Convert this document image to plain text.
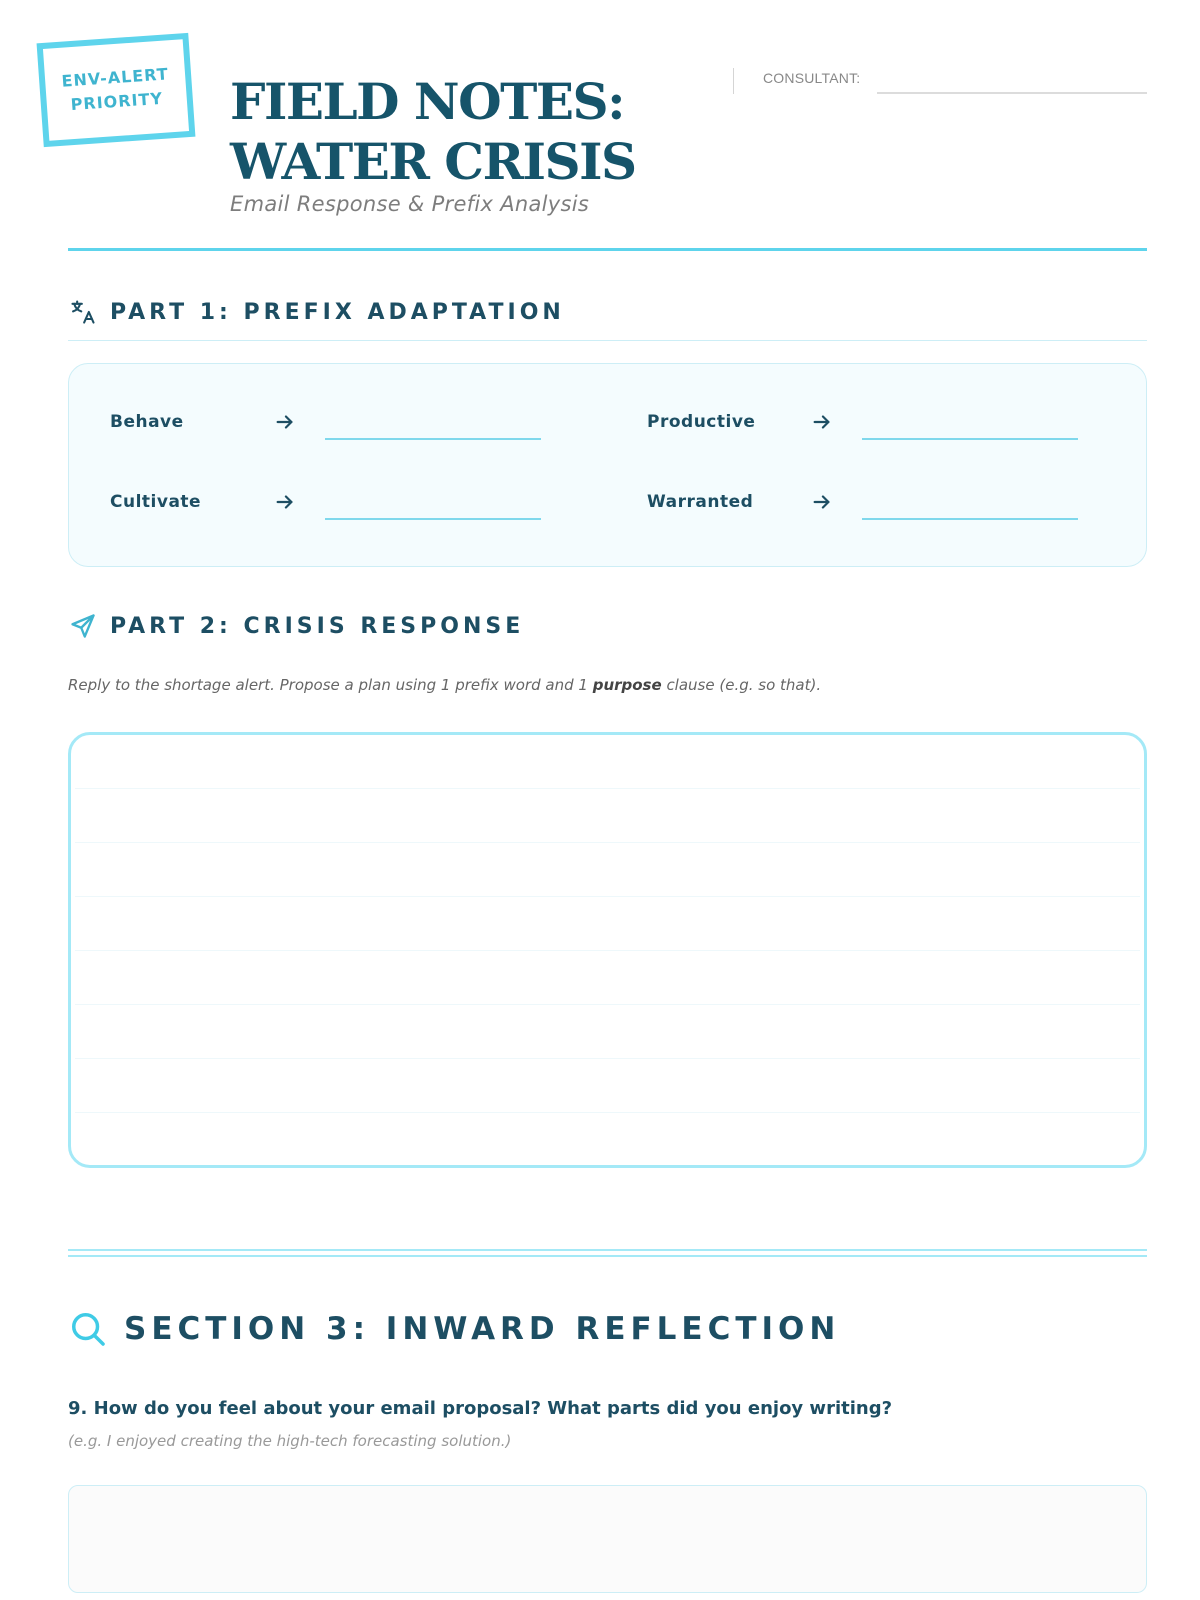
ENV-ALERT
PRIORITY FIELD NOTES:
WATER CRISIS
Email Response & Prefix Analysis
CONSULTANT:
PART 1: PREFIX ADAPTATION
Behave	Productive
Cultivate	Warranted
PART 2: CRISIS RESPONSE
Reply to the shortage alert. Propose a plan using 1 prefix word and 1 purpose clause (e.g. so that).
SECTION 3: INWARD REFLECTION
9. How do you feel about your email proposal? What parts did you enjoy writing?
(e.g. I enjoyed creating the high-tech forecasting solution.)
